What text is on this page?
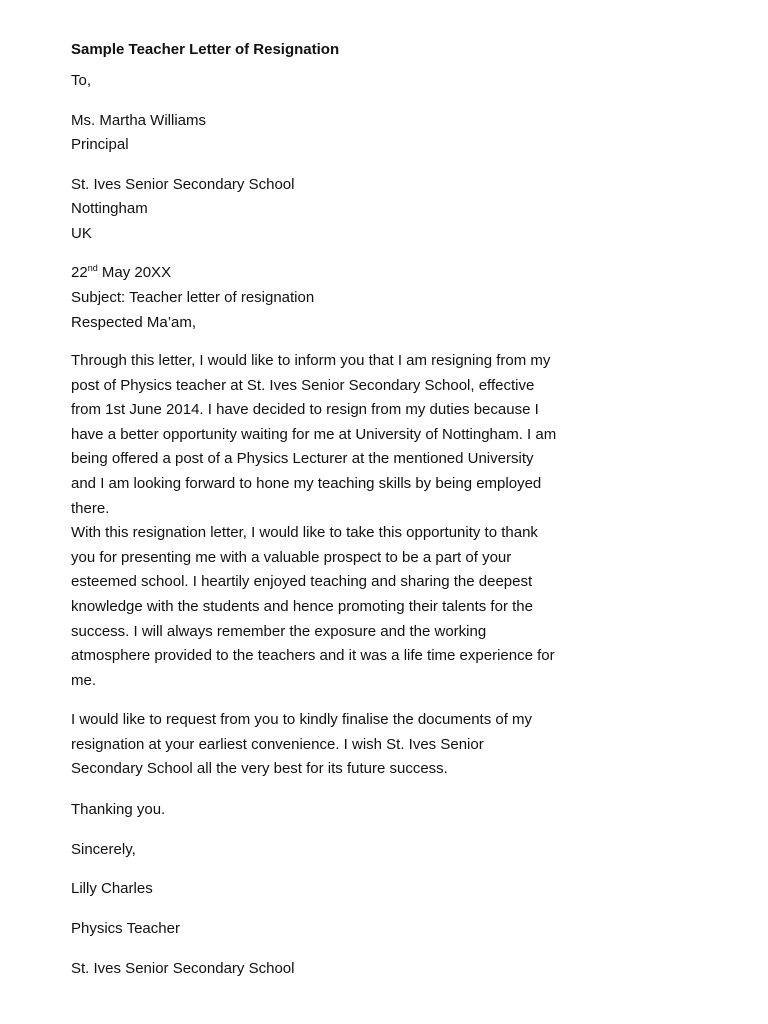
Sample Teacher Letter of Resignation

To,

Ms. Martha Williams

Principal

St. Ives Senior Secondary School

Nottingham

UK

22nd May 20XX

Subject: Teacher letter of resignation

Respected Ma’am,

Through this letter, I would like to inform you that I am resigning from my
post of Physics teacher at St. Ives Senior Secondary School, effective
from 1st June 2014. I have decided to resign from my duties because I
have a better opportunity waiting for me at University of Nottingham. I am
being offered a post of a Physics Lecturer at the mentioned University
and I am looking forward to hone my teaching skills by being employed
there.
With this resignation letter, I would like to take this opportunity to thank
you for presenting me with a valuable prospect to be a part of your
esteemed school. I heartily enjoyed teaching and sharing the deepest
knowledge with the students and hence promoting their talents for the
success. I will always remember the exposure and the working
atmosphere provided to the teachers and it was a life time experience for
me.
I would like to request from you to kindly finalise the documents of my
resignation at your earliest convenience. I wish St. Ives Senior
Secondary School all the very best for its future success.

Thanking you.

Sincerely,

Lilly Charles

Physics Teacher

St. Ives Senior Secondary School
